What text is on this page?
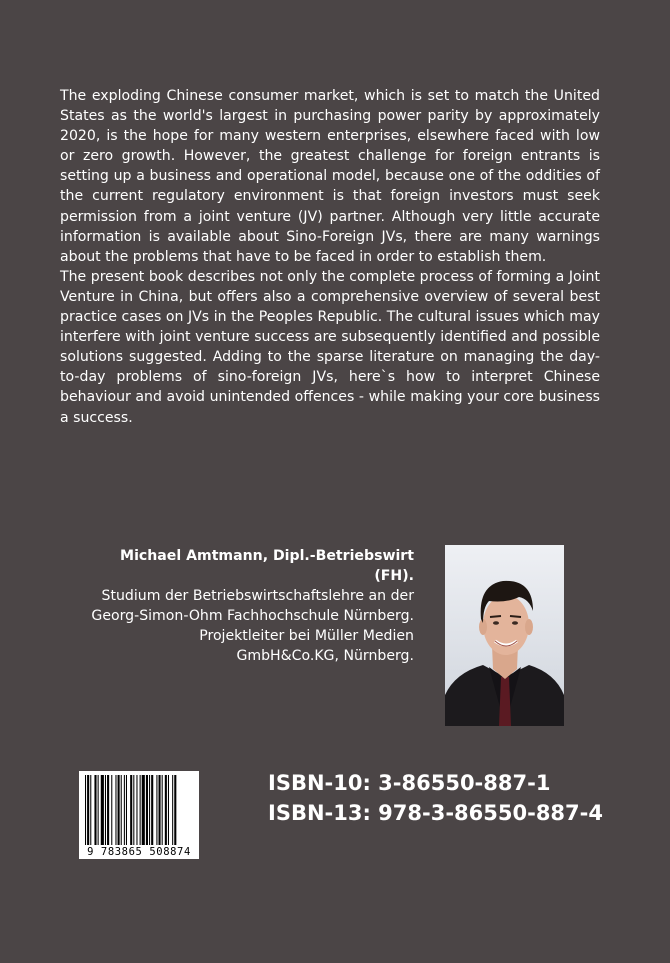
The exploding Chinese consumer market, which is set to match the United States as the world's largest in purchasing power parity by approximately 2020, is the hope for many western enterprises, elsewhere faced with low or zero growth. However, the greatest challenge for foreign entrants is setting up a business and operational model, because one of the oddities of the current regulatory environment is that foreign investors must seek permission from a joint venture (JV) partner. Although very little accurate information is available about Sino-Foreign JVs, there are many warnings about the problems that have to be faced in order to establish them.

The present book describes not only the complete process of forming a Joint Venture in China, but offers also a comprehensive overview of several best practice cases on JVs in the Peoples Republic. The cultural issues which may interfere with joint venture success are subsequently identified and possible solutions suggested. Adding to the sparse literature on managing the day-to-day problems of sino-foreign JVs, here`s how to interpret Chinese behaviour and avoid unintended offences - while making your core business a success.

Michael Amtmann, Dipl.-Betriebswirt (FH).
Studium der Betriebswirtschaftslehre an der
Georg-Simon-Ohm Fachhochschule Nürnberg.
Projektleiter bei Müller Medien
GmbH&Co.KG, Nürnberg.
9 783865 508874
ISBN-10: 3-86550-887-1
ISBN-13: 978-3-86550-887-4
